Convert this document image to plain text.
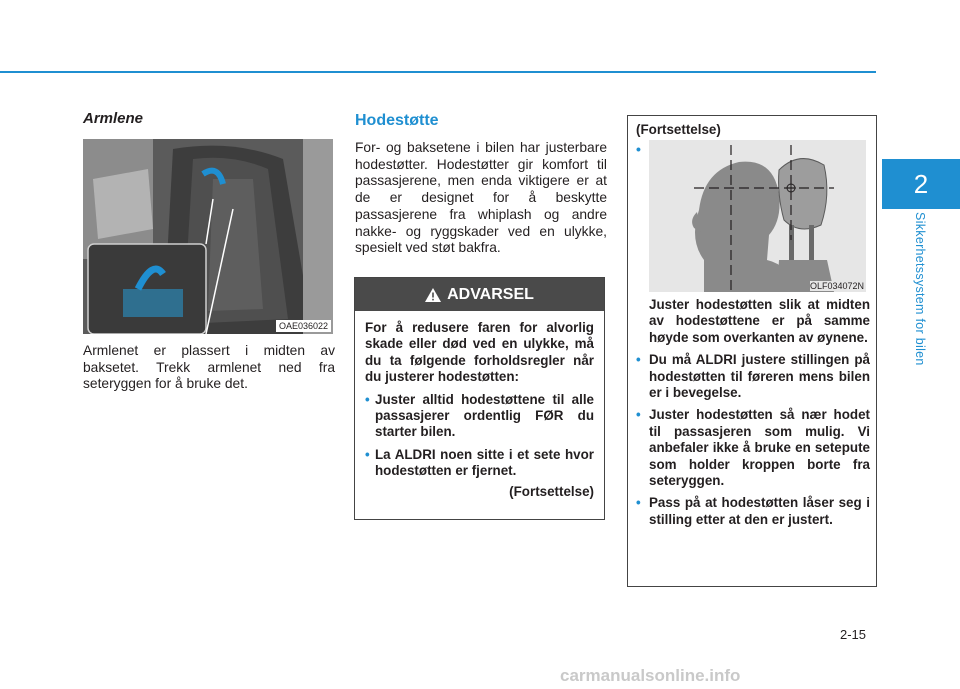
2
Sikkerhetssystem for bilen

Armlene

OAE036022

Armlenet er plassert i midten av baksetet. Trekk armlenet ned fra seteryggen for å bruke det.

Hodestøtte

For- og baksetene i bilen har justerbare hodestøtter. Hodestøtter gir komfort til passasjerene, men enda viktigere er at de er designet for å beskytte passasjerene fra whiplash og andre nakke- og ryggskader ved en ulykke, spesielt ved støt bakfra.

ADVARSEL

For å redusere faren for alvorlig skade eller død ved en ulykke, må du ta følgende forholdsregler når du justerer hodestøtten:

• Juster alltid hodestøttene til alle passasjerer ordentlig FØR du starter bilen.

• La ALDRI noen sitte i et sete hvor hodestøtten er fjernet.

(Fortsettelse)

(Fortsettelse)
•
OLF034072N

Juster hodestøtten slik at midten av hodestøttene er på samme høyde som overkanten av øynene.

• Du må ALDRI justere stillingen på hodestøtten til føreren mens bilen er i bevegelse.

• Juster hodestøtten så nær hodet til passasjeren som mulig. Vi anbefaler ikke å bruke en setepute som holder kroppen borte fra seteryggen.

• Pass på at hodestøtten låser seg i stilling etter at den er justert.

2-15
carmanualsonline.info
